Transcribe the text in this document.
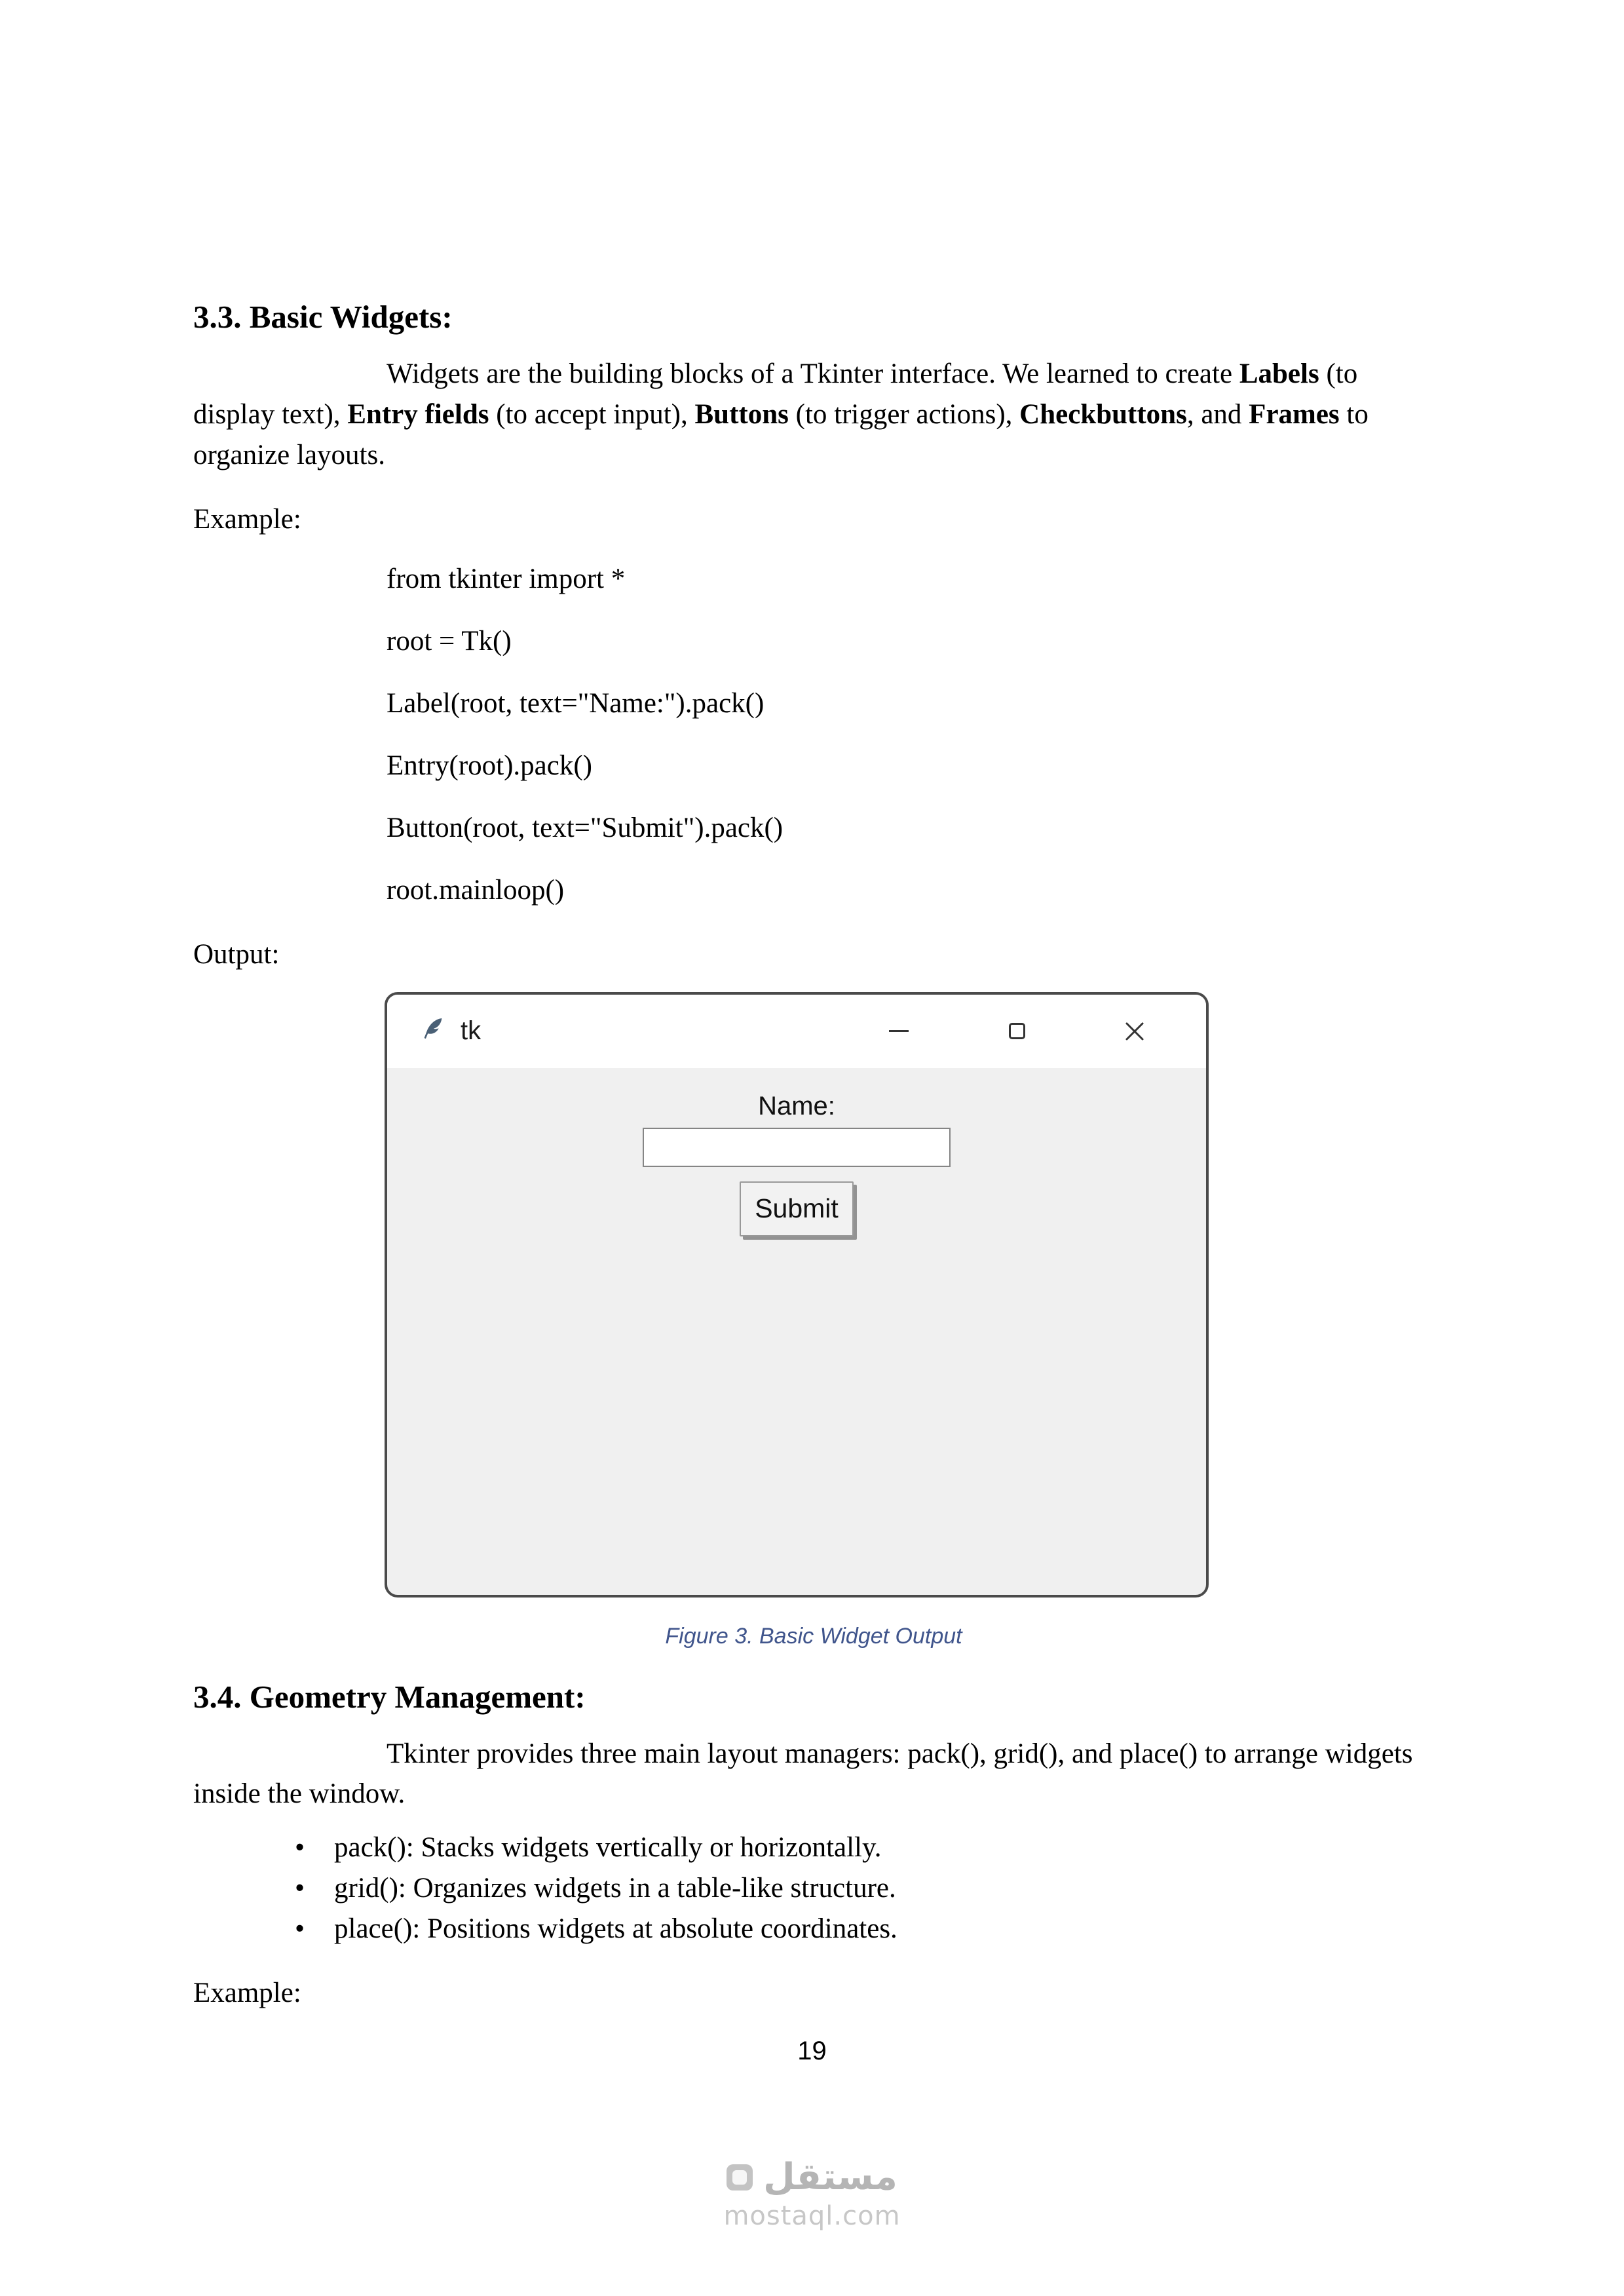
3.3. Basic Widgets:

Widgets are the building blocks of a Tkinter interface. We learned to create Labels (to display text), Entry fields (to accept input), Buttons (to trigger actions), Checkbuttons, and Frames to organize layouts.

Example:

from tkinter import *

root = Tk()

Label(root, text="Name:").pack()

Entry(root).pack()

Button(root, text="Submit").pack()

root.mainloop()

Output:

tk
Name:
Submit
Figure 3. Basic Widget Output
3.4. Geometry Management:

Tkinter provides three main layout managers: pack(), grid(), and place() to arrange widgets inside the window.

• pack(): Stacks widgets vertically or horizontally.
• grid(): Organizes widgets in a table-like structure.
• place(): Positions widgets at absolute coordinates.

Example:

19
مستقل
mostaql.com
